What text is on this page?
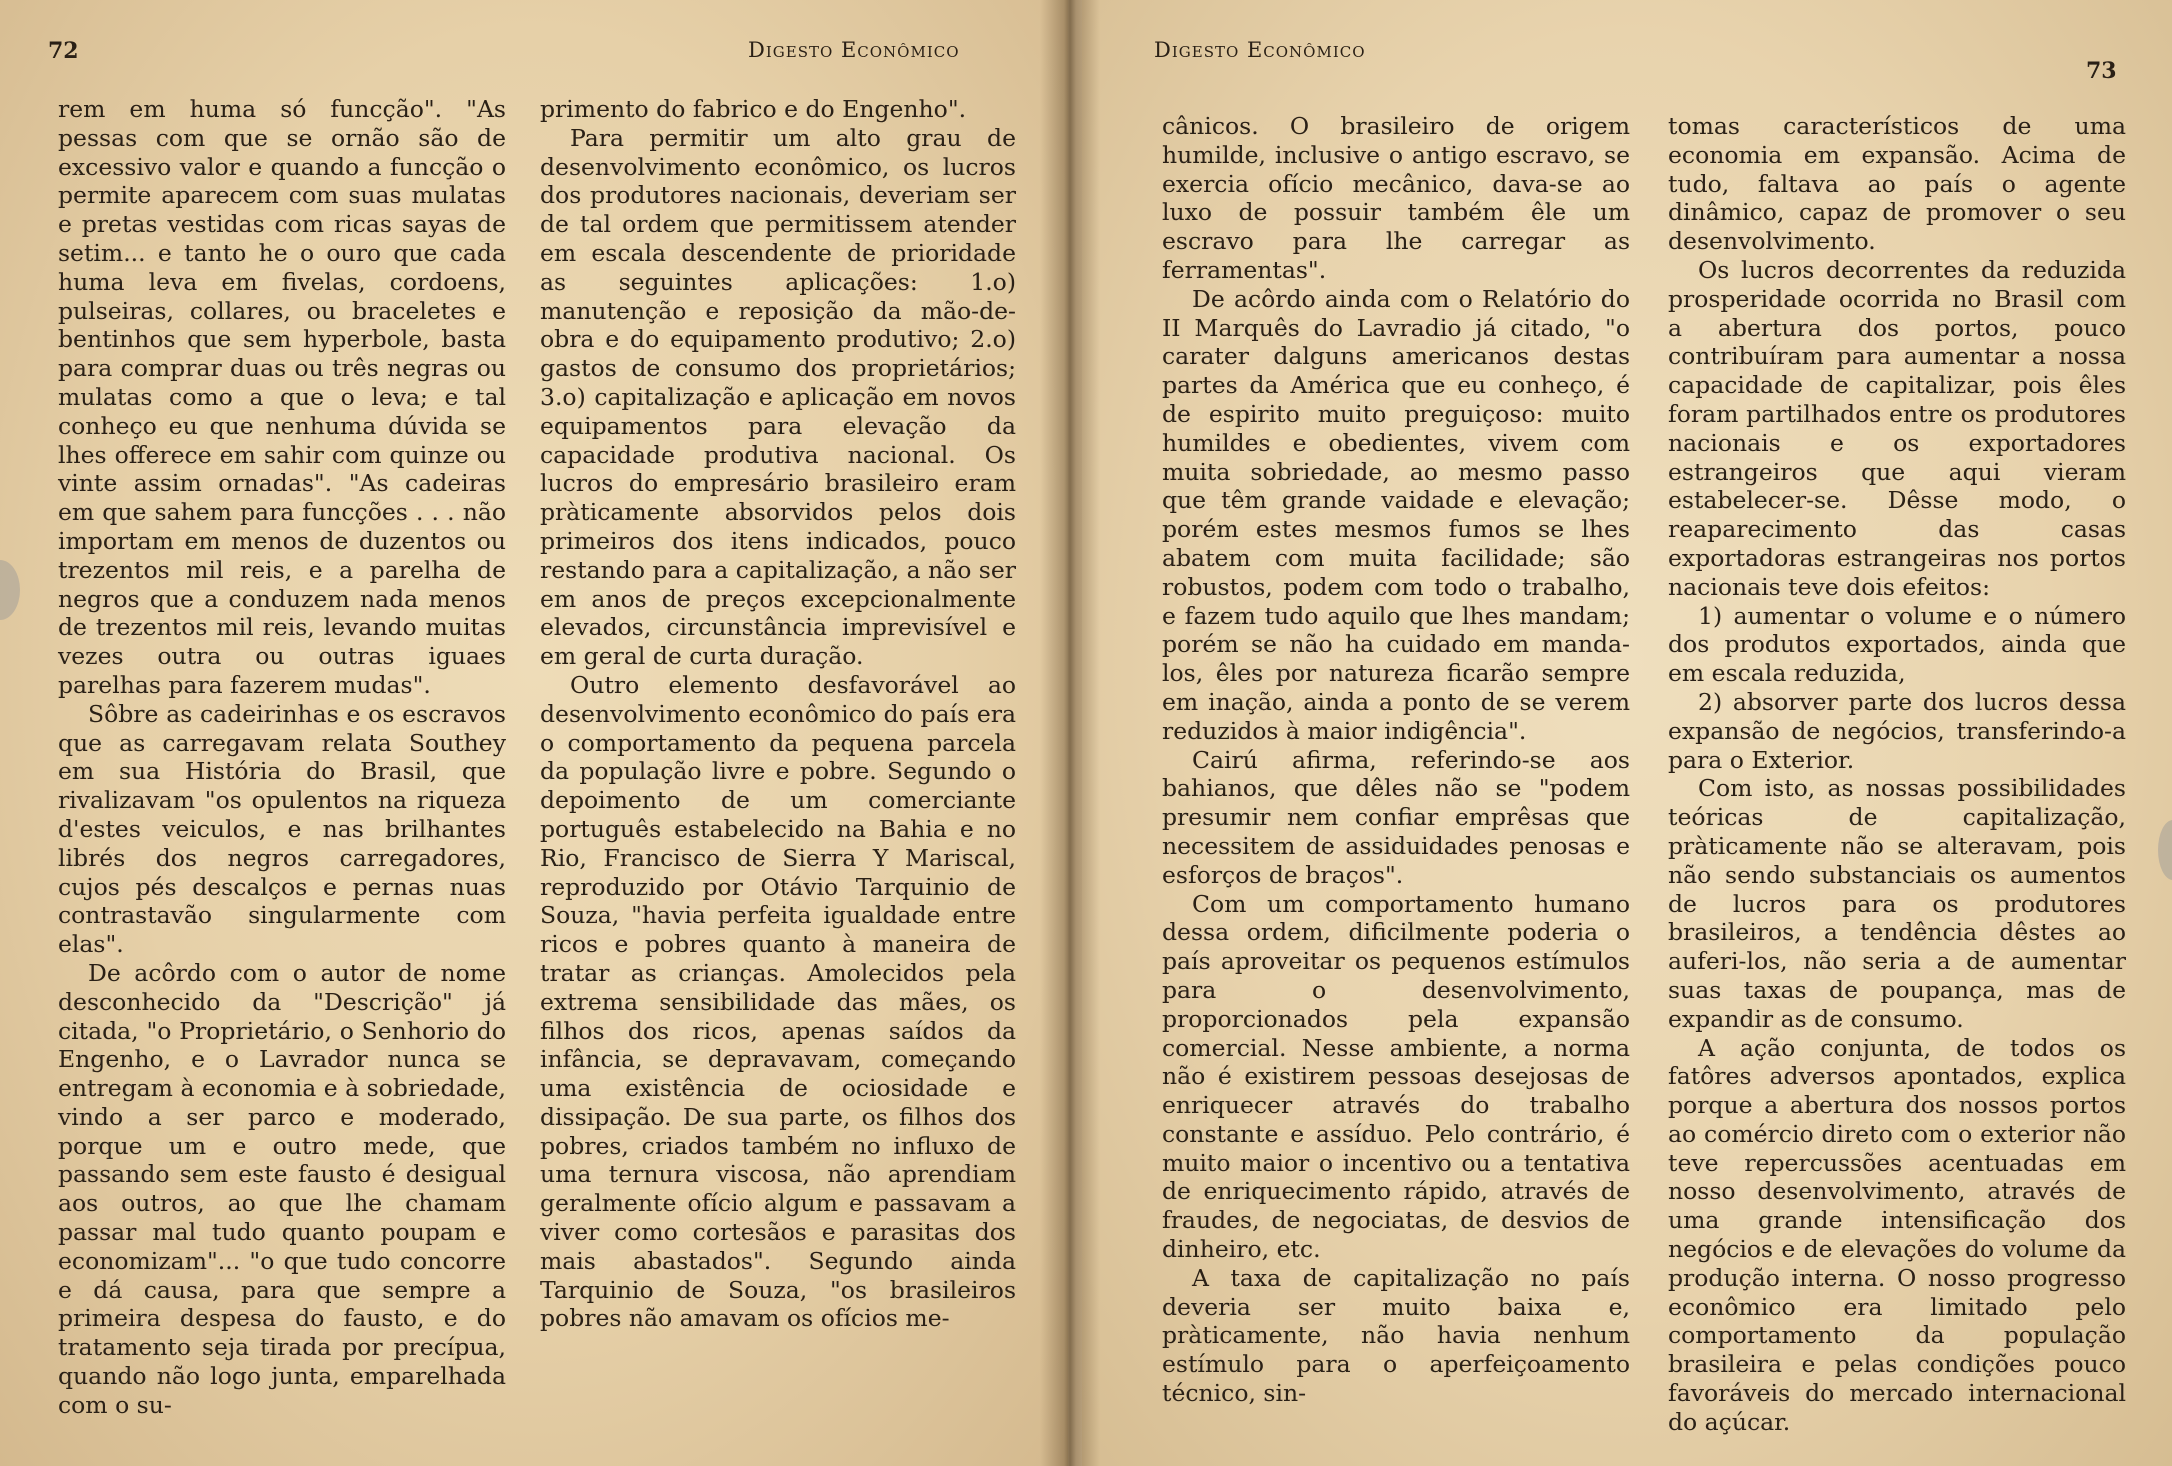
72	Digesto Econômico

rem em huma só funcção". "As pessas com que se ornão são de excessivo valor e quando a funcção o permite aparecem com suas mulatas e pretas vestidas com ricas sayas de setim... e tanto he o ouro que cada huma leva em fivelas, cordoens, pulseiras, collares, ou braceletes e bentinhos que sem hyperbole, basta para comprar duas ou três negras ou mulatas como a que o leva; e tal conheço eu que nenhuma dúvida se lhes offerece em sahir com quinze ou vinte assim ornadas". "As cadeiras em que sahem para funcções . . . não importam em menos de duzentos ou trezentos mil reis, e a parelha de negros que a conduzem nada menos de trezentos mil reis, levando muitas vezes outra ou outras iguaes parelhas para fazerem mudas".

Sôbre as cadeirinhas e os escravos que as carregavam relata Southey em sua História do Brasil, que rivalizavam "os opulentos na riqueza d'estes veiculos, e nas brilhantes librés dos negros carregadores, cujos pés descalços e pernas nuas contrastavão singularmente com elas".

De acôrdo com o autor de nome desconhecido da "Descrição" já citada, "o Proprietário, o Senhorio do Engenho, e o Lavrador nunca se entregam à economia e à sobriedade, vindo a ser parco e moderado, porque um e outro mede, que passando sem este fausto é desigual aos outros, ao que lhe chamam passar mal tudo quanto poupam e economizam"... "o que tudo concorre e dá causa, para que sempre a primeira despesa do fausto, e do tratamento seja tirada por precípua, quando não logo junta, emparelhada com o su-

primento do fabrico e do Engenho".

Para permitir um alto grau de desenvolvimento econômico, os lucros dos produtores nacionais, deveriam ser de tal ordem que permitissem atender em escala descendente de prioridade as seguintes aplicações: 1.o) manutenção e reposição da mão-de-obra e do equipamento produtivo; 2.o) gastos de consumo dos proprietários; 3.o) capitalização e aplicação em novos equipamentos para elevação da capacidade produtiva nacional. Os lucros do empresário brasileiro eram pràticamente absorvidos pelos dois primeiros dos itens indicados, pouco restando para a capitalização, a não ser em anos de preços excepcionalmente elevados, circunstância imprevisível e em geral de curta duração.

Outro elemento desfavorável ao desenvolvimento econômico do país era o comportamento da pequena parcela da população livre e pobre. Segundo o depoimento de um comerciante português estabelecido na Bahia e no Rio, Francisco de Sierra Y Mariscal, reproduzido por Otávio Tarquinio de Souza, "havia perfeita igualdade entre ricos e pobres quanto à maneira de tratar as crianças. Amolecidos pela extrema sensibilidade das mães, os filhos dos ricos, apenas saídos da infância, se depravavam, começando uma existência de ociosidade e dissipação. De sua parte, os filhos dos pobres, criados também no influxo de uma ternura viscosa, não aprendiam geralmente ofício algum e passavam a viver como cortesãos e parasitas dos mais abastados". Segundo ainda Tarquinio de Souza, "os brasileiros pobres não amavam os ofícios me-

Digesto Econômico
73

cânicos. O brasileiro de origem humilde, inclusive o antigo escravo, se exercia ofício mecânico, dava-se ao luxo de possuir também êle um escravo para lhe carregar as ferramentas".

De acôrdo ainda com o Relatório do II Marquês do Lavradio já citado, "o carater dalguns americanos destas partes da América que eu conheço, é de espirito muito preguiçoso: muito humildes e obedientes, vivem com muita sobriedade, ao mesmo passo que têm grande vaidade e elevação; porém estes mesmos fumos se lhes abatem com muita facilidade; são robustos, podem com todo o trabalho, e fazem tudo aquilo que lhes mandam; porém se não ha cuidado em manda-los, êles por natureza ficarão sempre em inação, ainda a ponto de se verem reduzidos à maior indigência".

Cairú afirma, referindo-se aos bahianos, que dêles não se "podem presumir nem confiar emprêsas que necessitem de assiduidades penosas e esforços de braços".

Com um comportamento humano dessa ordem, dificilmente poderia o país aproveitar os pequenos estímulos para o desenvolvimento, proporcionados pela expansão comercial. Nesse ambiente, a norma não é existirem pessoas desejosas de enriquecer através do trabalho constante e assíduo. Pelo contrário, é muito maior o incentivo ou a tentativa de enriquecimento rápido, através de fraudes, de negociatas, de desvios de dinheiro, etc.

A taxa de capitalização no país deveria ser muito baixa e, pràticamente, não havia nenhum estímulo para o aperfeiçoamento técnico, sin-

tomas característicos de uma economia em expansão. Acima de tudo, faltava ao país o agente dinâmico, capaz de promover o seu desenvolvimento.

Os lucros decorrentes da reduzida prosperidade ocorrida no Brasil com a abertura dos portos, pouco contribuíram para aumentar a nossa capacidade de capitalizar, pois êles foram partilhados entre os produtores nacionais e os exportadores estrangeiros que aqui vieram estabelecer-se. Dêsse modo, o reaparecimento das casas exportadoras estrangeiras nos portos nacionais teve dois efeitos:

1) aumentar o volume e o número dos produtos exportados, ainda que em escala reduzida,

2) absorver parte dos lucros dessa expansão de negócios, transferindo-a para o Exterior.

Com isto, as nossas possibilidades teóricas de capitalização, pràticamente não se alteravam, pois não sendo substanciais os aumentos de lucros para os produtores brasileiros, a tendência dêstes ao auferi-los, não seria a de aumentar suas taxas de poupança, mas de expandir as de consumo.

A ação conjunta, de todos os fatôres adversos apontados, explica porque a abertura dos nossos portos ao comércio direto com o exterior não teve repercussões acentuadas em nosso desenvolvimento, através de uma grande intensificação dos negócios e de elevações do volume da produção interna. O nosso progresso econômico era limitado pelo comportamento da população brasileira e pelas condições pouco favoráveis do mercado internacional do açúcar.
